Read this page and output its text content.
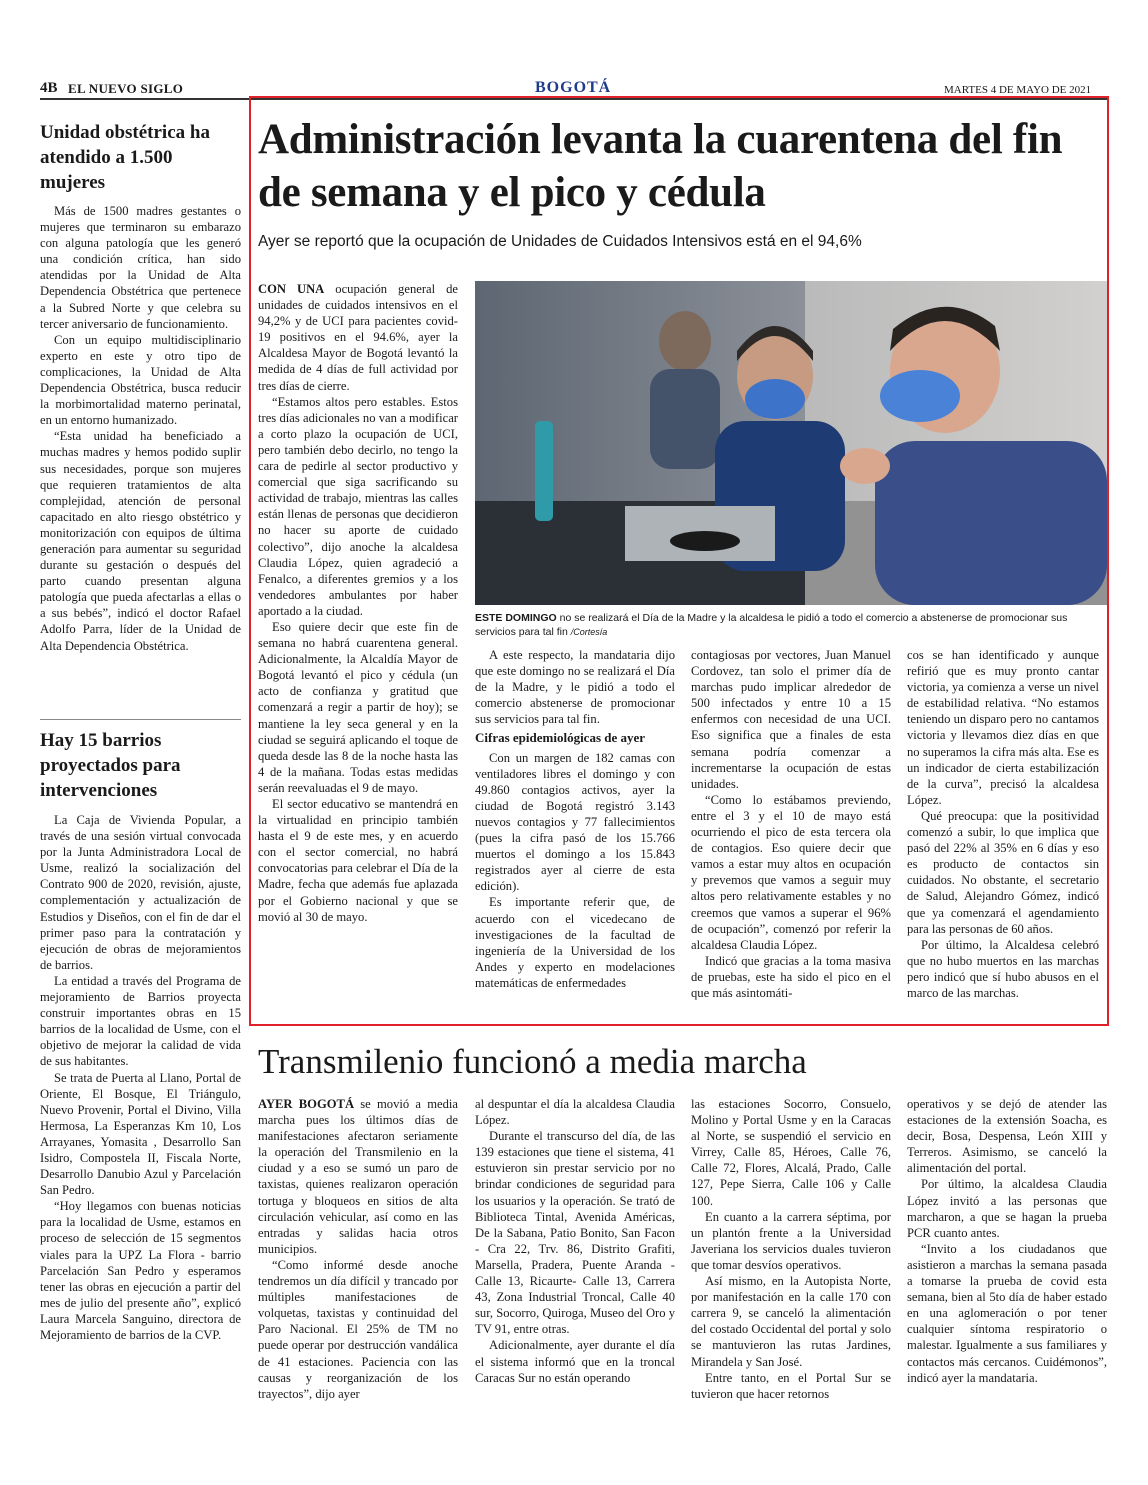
4B EL NUEVO SIGLO	BOGOTÁ	MARTES 4 DE MAYO DE 2021
Unidad obstétrica ha atendido a 1.500 mujeres

Más de 1500 madres gestantes o mujeres que terminaron su embarazo con alguna patología que les generó una condición crítica, han sido atendidas por la Unidad de Alta Dependencia Obstétrica que pertenece a la Subred Norte y que celebra su tercer aniversario de funcionamiento.

Con un equipo multidisciplinario experto en este y otro tipo de complicaciones, la Unidad de Alta Dependencia Obstétrica, busca reducir la morbimortalidad materno perinatal, en un entorno humanizado.

“Esta unidad ha beneficiado a muchas madres y hemos podido suplir sus necesidades, porque son mujeres que requieren tratamientos de alta complejidad, atención de personal capacitado en alto riesgo obstétrico y monitorización con equipos de última generación para aumentar su seguridad durante su gestación o después del parto cuando presentan alguna patología que pueda afectarlas a ellas o a sus bebés”, indicó el doctor Rafael Adolfo Parra, líder de la Unidad de Alta Dependencia Obstétrica.

Hay 15 barrios proyectados para intervenciones

La Caja de Vivienda Popular, a través de una sesión virtual convocada por la Junta Administradora Local de Usme, realizó la socialización del Contrato 900 de 2020, revisión, ajuste, complementación y actualización de Estudios y Diseños, con el fin de dar el primer paso para la contratación y ejecución de obras de mejoramientos de barrios.

La entidad a través del Programa de mejoramiento de Barrios proyecta construir importantes obras en 15 barrios de la localidad de Usme, con el objetivo de mejorar la calidad de vida de sus habitantes.

Se trata de Puerta al Llano, Portal de Oriente, El Bosque, El Triángulo, Nuevo Provenir, Portal el Divino, Villa Hermosa, La Esperanzas Km 10, Los Arrayanes, Yomasita , Desarrollo San Isidro, Compostela II, Fiscala Norte, Desarrollo Danubio Azul y Parcelación San Pedro.

“Hoy llegamos con buenas noticias para la localidad de Usme, estamos en proceso de selección de 15 segmentos viales para la UPZ La Flora - barrio Parcelación San Pedro y esperamos tener las obras en ejecución a partir del mes de julio del presente año”, explicó Laura Marcela Sanguino, directora de Mejoramiento de barrios de la CVP.

Administración levanta la cuarentena del fin de semana y el pico y cédula
Ayer se reportó que la ocupación de Unidades de Cuidados Intensivos está en el 94,6%

CON UNA ocupación general de unidades de cuidados intensivos en el 94,2% y de UCI para pacientes covid-19 positivos en el 94.6%, ayer la Alcaldesa Mayor de Bogotá levantó la medida de 4 días de full actividad por tres días de cierre.

“Estamos altos pero estables. Estos tres días adicionales no van a modificar a corto plazo la ocupación de UCI, pero también debo decirlo, no tengo la cara de pedirle al sector productivo y comercial que siga sacrificando su actividad de trabajo, mientras las calles están llenas de personas que decidieron no hacer su aporte de cuidado colectivo”, dijo anoche la alcaldesa Claudia López, quien agradeció a Fenalco, a diferentes gremios y a los vendedores ambulantes por haber aportado a la ciudad.

Eso quiere decir que este fin de semana no habrá cuarentena general. Adicionalmente, la Alcaldía Mayor de Bogotá levantó el pico y cédula (un acto de confianza y gratitud que comenzará a regir a partir de hoy); se mantiene la ley seca general y en la ciudad se seguirá aplicando el toque de queda desde las 8 de la noche hasta las 4 de la mañana. Todas estas medidas serán reevaluadas el 9 de mayo.

El sector educativo se mantendrá en la virtualidad en principio también hasta el 9 de este mes, y en acuerdo con el sector comercial, no habrá convocatorias para celebrar el Día de la Madre, fecha que además fue aplazada por el Gobierno nacional y que se movió al 30 de mayo.

ESTE DOMINGO no se realizará el Día de la Madre y la alcaldesa le pidió a todo el comercio a abstenerse de promocionar sus servicios para tal fin /Cortesía

A este respecto, la mandataria dijo que este domingo no se realizará el Día de la Madre, y le pidió a todo el comercio abstenerse de promocionar sus servicios para tal fin.

Cifras epidemiológicas de ayer

Con un margen de 182 camas con ventiladores libres el domingo y con 49.860 contagios activos, ayer la ciudad de Bogotá registró 3.143 nuevos contagios y 77 fallecimientos (pues la cifra pasó de los 15.766 muertos el domingo a los 15.843 registrados ayer al cierre de esta edición).

Es importante referir que, de acuerdo con el vicedecano de investigaciones de la facultad de ingeniería de la Universidad de los Andes y experto en modelaciones matemáticas de enfermedades

contagiosas por vectores, Juan Manuel Cordovez, tan solo el primer día de marchas pudo implicar alrededor de 500 infectados y entre 10 a 15 enfermos con necesidad de una UCI. Eso significa que a finales de esta semana podría comenzar a incrementarse la ocupación de estas unidades.

“Como lo estábamos previendo, entre el 3 y el 10 de mayo está ocurriendo el pico de esta tercera ola de contagios. Eso quiere decir que vamos a estar muy altos en ocupación y prevemos que vamos a seguir muy altos pero relativamente estables y no creemos que vamos a superar el 96% de ocupación”, comenzó por referir la alcaldesa Claudia López.

Indicó que gracias a la toma masiva de pruebas, este ha sido el pico en el que más asintomáti-

cos se han identificado y aunque refirió que es muy pronto cantar victoria, ya comienza a verse un nivel de estabilidad relativa. “No estamos teniendo un disparo pero no cantamos victoria y llevamos diez días en que no superamos la cifra más alta. Ese es un indicador de cierta estabilización de la curva”, precisó la alcaldesa López.

Qué preocupa: que la positividad comenzó a subir, lo que implica que pasó del 22% al 35% en 6 días y eso es producto de contactos sin cuidados. No obstante, el secretario de Salud, Alejandro Gómez, indicó que ya comenzará el agendamiento para las personas de 60 años.

Por último, la Alcaldesa celebró que no hubo muertos en las marchas pero indicó que sí hubo abusos en el marco de las marchas.

Transmilenio funcionó a media marcha

AYER BOGOTÁ se movió a media marcha pues los últimos días de manifestaciones afectaron seriamente la operación del Transmilenio en la ciudad y a eso se sumó un paro de taxistas, quienes realizaron operación tortuga y bloqueos en sitios de alta circulación vehicular, así como en las entradas y salidas hacia otros municipios.

“Como informé desde anoche tendremos un día difícil y trancado por múltiples manifestaciones de volquetas, taxistas y continuidad del Paro Nacional. El 25% de TM no puede operar por destrucción vandálica de 41 estaciones. Paciencia con las causas y reorganización de los trayectos”, dijo ayer

al despuntar el día la alcaldesa Claudia López.

Durante el transcurso del día, de las 139 estaciones que tiene el sistema, 41 estuvieron sin prestar servicio por no brindar condiciones de seguridad para los usuarios y la operación. Se trató de Biblioteca Tintal, Avenida Américas, De la Sabana, Patio Bonito, San Facon - Cra 22, Trv. 86, Distrito Grafiti, Marsella, Pradera, Puente Aranda - Calle 13, Ricaurte- Calle 13, Carrera 43, Zona Industrial Troncal, Calle 40 sur, Socorro, Quiroga, Museo del Oro y TV 91, entre otras.

Adicionalmente, ayer durante el día el sistema informó que en la troncal Caracas Sur no están operando

las estaciones Socorro, Consuelo, Molino y Portal Usme y en la Caracas al Norte, se suspendió el servicio en Virrey, Calle 85, Héroes, Calle 76, Calle 72, Flores, Alcalá, Prado, Calle 127, Pepe Sierra, Calle 106 y Calle 100.

En cuanto a la carrera séptima, por un plantón frente a la Universidad Javeriana los servicios duales tuvieron que tomar desvíos operativos.

Así mismo, en la Autopista Norte, por manifestación en la calle 170 con carrera 9, se canceló la alimentación del costado Occidental del portal y solo se mantuvieron las rutas Jardines, Mirandela y San José.

Entre tanto, en el Portal Sur se tuvieron que hacer retornos

operativos y se dejó de atender las estaciones de la extensión Soacha, es decir, Bosa, Despensa, León XIII y Terreros. Asimismo, se canceló la alimentación del portal.

Por último, la alcaldesa Claudia López invitó a las personas que marcharon, a que se hagan la prueba PCR cuanto antes.

“Invito a los ciudadanos que asistieron a marchas la semana pasada a tomarse la prueba de covid esta semana, bien al 5to día de haber estado en una aglomeración o por tener cualquier síntoma respiratorio o malestar. Igualmente a sus familiares y contactos más cercanos. Cuidémonos”, indicó ayer la mandataria.
